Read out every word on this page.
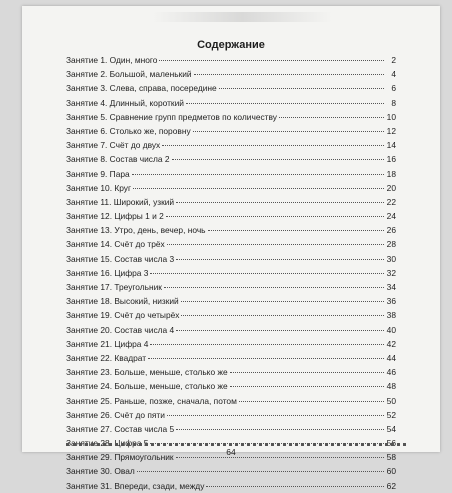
Содержание
Занятие 1. Один, много	2
Занятие 2. Большой, маленький	4
Занятие 3. Слева, справа, посередине	6
Занятие 4. Длинный, короткий	8
Занятие 5. Сравнение групп предметов по количеству	10
Занятие 6. Столько же, поровну	12
Занятие 7. Счёт до двух	14
Занятие 8. Состав числа 2	16
Занятие 9. Пара	18
Занятие 10. Круг	20
Занятие 11. Широкий, узкий	22
Занятие 12. Цифры 1 и 2	24
Занятие 13. Утро, день, вечер, ночь	26
Занятие 14. Счёт до трёх	28
Занятие 15. Состав числа 3	30
Занятие 16. Цифра 3	32
Занятие 17. Треугольник	34
Занятие 18. Высокий, низкий	36
Занятие 19. Счёт до четырёх	38
Занятие 20. Состав числа 4	40
Занятие 21. Цифра 4	42
Занятие 22. Квадрат	44
Занятие 23. Больше, меньше, столько же	46
Занятие 24. Больше, меньше, столько же	48
Занятие 25. Раньше, позже, сначала, потом	50
Занятие 26. Счёт до пяти	52
Занятие 27. Состав числа 5	54
Занятие 28. Цифра 5	56
Занятие 29. Прямоугольник	58
Занятие 30. Овал	60
Занятие 31. Впереди, сзади, между	62
64
